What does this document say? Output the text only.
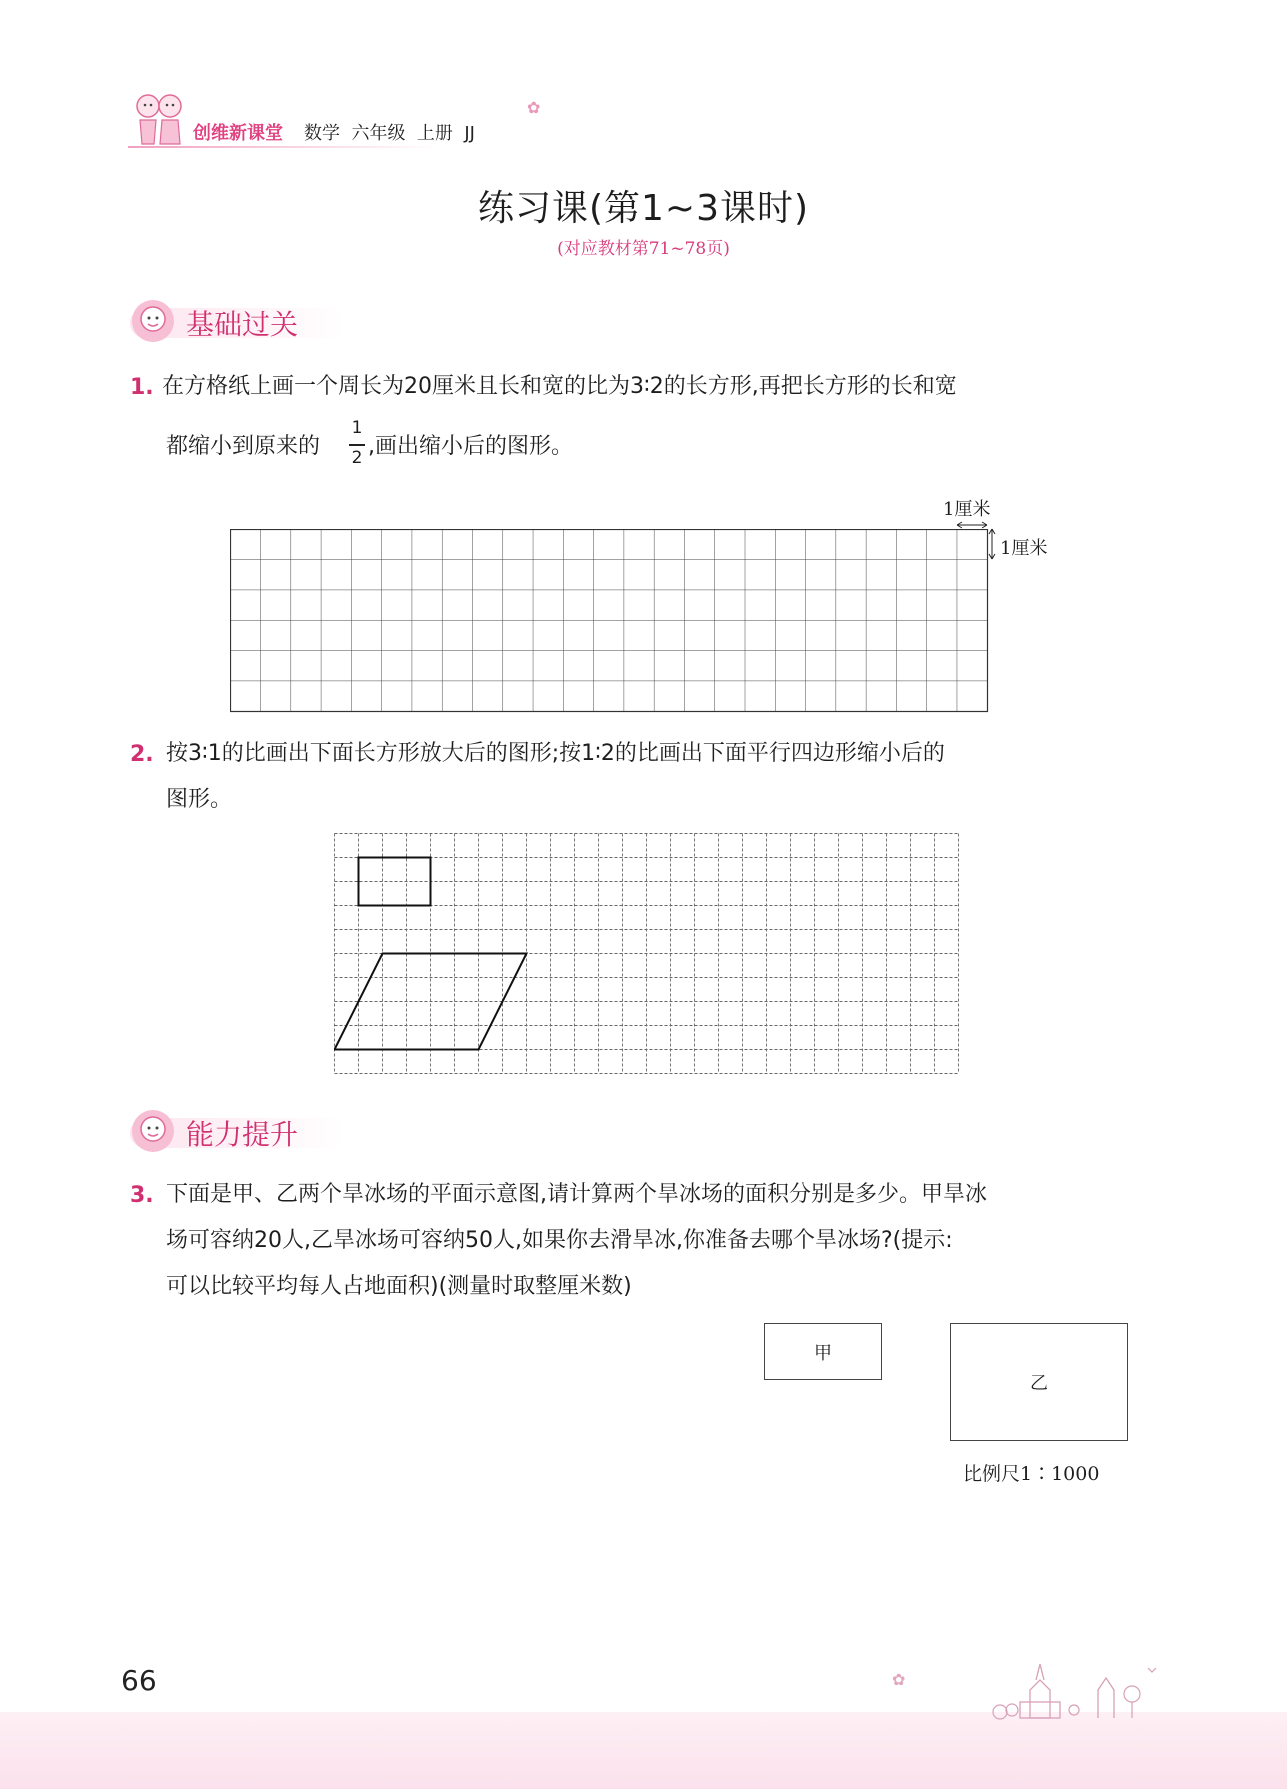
创维新课堂 数学  六年级  上册  JJ
✿
练习课(第1~3课时)
(对应教材第71~78页)
基础过关
1. 在方格纸上画一个周长为20厘米且长和宽的比为3∶2的长方形,再把长方形的长和宽
都缩小到原来的
1
2 ,画出缩小后的图形。
1厘米
1厘米
2. 按3∶1的比画出下面长方形放大后的图形;按1∶2的比画出下面平行四边形缩小后的
图形。
能力提升
3. 下面是甲、乙两个旱冰场的平面示意图,请计算两个旱冰场的面积分别是多少。甲旱冰
场可容纳20人,乙旱冰场可容纳50人,如果你去滑旱冰,你准备去哪个旱冰场?(提示:
可以比较平均每人占地面积)(测量时取整厘米数)
甲
乙
比例尺1∶1000
66	✿
